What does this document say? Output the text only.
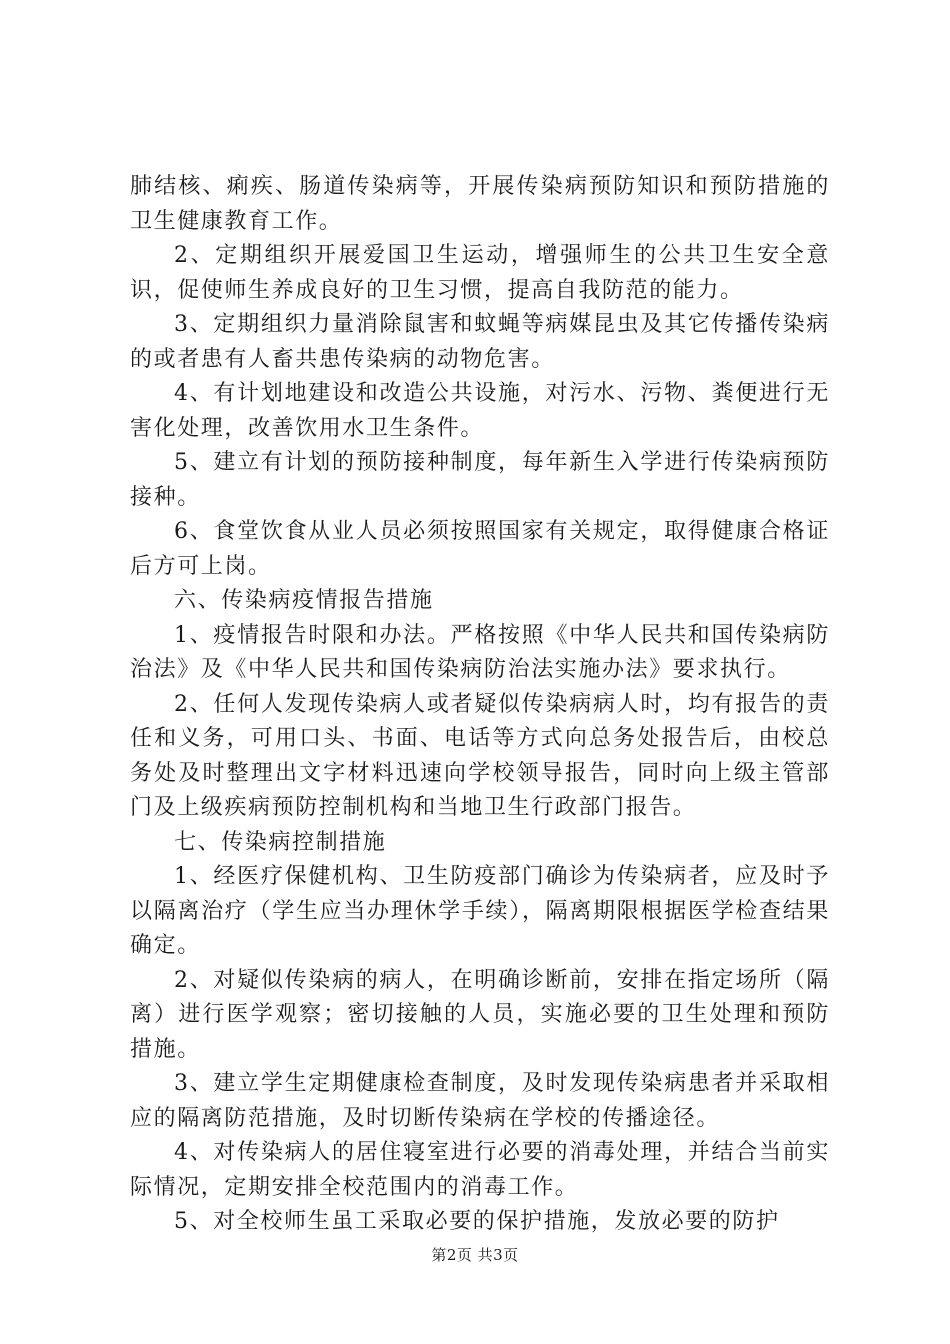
肺结核、痢疾、肠道传染病等，开展传染病预防知识和预防措施的卫生健康教育工作。

2、定期组织开展爱国卫生运动，增强师生的公共卫生安全意识，促使师生养成良好的卫生习惯，提高自我防范的能力。

3、定期组织力量消除鼠害和蚊蝇等病媒昆虫及其它传播传染病的或者患有人畜共患传染病的动物危害。

4、有计划地建设和改造公共设施，对污水、污物、粪便进行无害化处理，改善饮用水卫生条件。

5、建立有计划的预防接种制度，每年新生入学进行传染病预防接种。

6、食堂饮食从业人员必须按照国家有关规定，取得健康合格证后方可上岗。

六、传染病疫情报告措施

1、疫情报告时限和办法。严格按照《中华人民共和国传染病防治法》及《中华人民共和国传染病防治法实施办法》要求执行。

2、任何人发现传染病人或者疑似传染病病人时，均有报告的责任和义务，可用口头、书面、电话等方式向总务处报告后，由校总务处及时整理出文字材料迅速向学校领导报告，同时向上级主管部门及上级疾病预防控制机构和当地卫生行政部门报告。

七、传染病控制措施

1、经医疗保健机构、卫生防疫部门确诊为传染病者，应及时予以隔离治疗（学生应当办理休学手续），隔离期限根据医学检查结果确定。

2、对疑似传染病的病人，在明确诊断前，安排在指定场所（隔离）进行医学观察；密切接触的人员，实施必要的卫生处理和预防措施。

3、建立学生定期健康检查制度，及时发现传染病患者并采取相应的隔离防范措施，及时切断传染病在学校的传播途径。

4、对传染病人的居住寝室进行必要的消毒处理，并结合当前实际情况，定期安排全校范围内的消毒工作。

5、对全校师生虽工采取必要的保护措施，发放必要的防护

第2页 共3页
